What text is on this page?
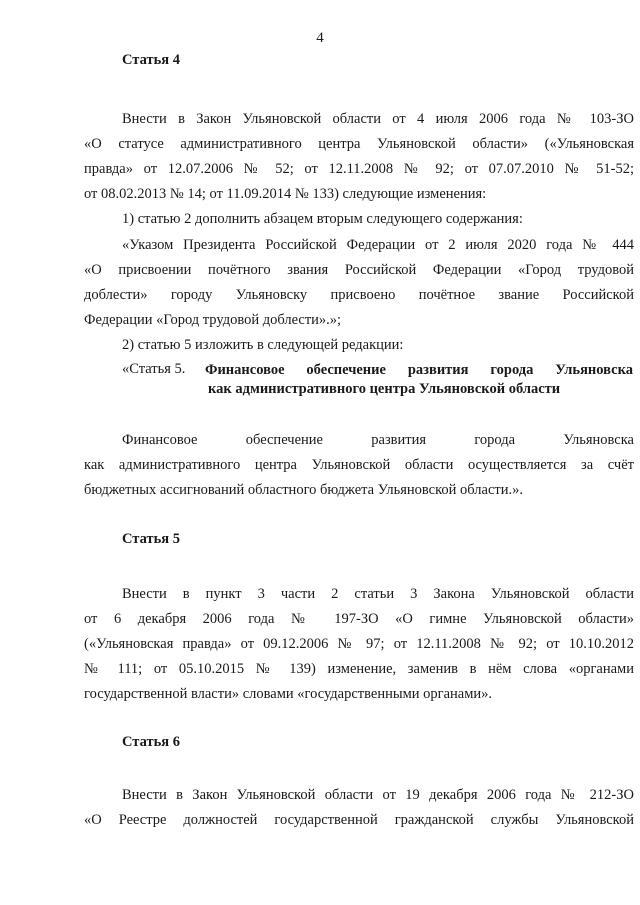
4
Статья 4
Внести в Закон Ульяновской области от 4 июля 2006 года № 103-ЗО
«О статусе административного центра Ульяновской области» («Ульяновская
правда» от 12.07.2006 № 52; от 12.11.2008 № 92; от 07.07.2010 № 51-52;
от 08.02.2013 № 14; от 11.09.2014 № 133) следующие изменения:
1) статью 2 дополнить абзацем вторым следующего содержания:
«Указом Президента Российской Федерации от 2 июля 2020 года № 444
«О присвоении почётного звания Российской Федерации «Город трудовой
доблести» городу Ульяновску присвоено почётное звание Российской
Федерации «Город трудовой доблести».»;
2) статью 5 изложить в следующей редакции:
«Статья 5. Финансовое обеспечение развития города Ульяновска
как административного центра Ульяновской области
Финансовое обеспечение развития города Ульяновска
как административного центра Ульяновской области осуществляется за счёт
бюджетных ассигнований областного бюджета Ульяновской области.».
Статья 5
Внести в пункт 3 части 2 статьи 3 Закона Ульяновской области
от 6 декабря 2006 года № 197-ЗО «О гимне Ульяновской области»
(«Ульяновская правда» от 09.12.2006 № 97; от 12.11.2008 № 92; от 10.10.2012
№ 111; от 05.10.2015 № 139) изменение, заменив в нём слова «органами
государственной власти» словами «государственными органами».
Статья 6
Внести в Закон Ульяновской области от 19 декабря 2006 года № 212-ЗО
«О Реестре должностей государственной гражданской службы Ульяновской
